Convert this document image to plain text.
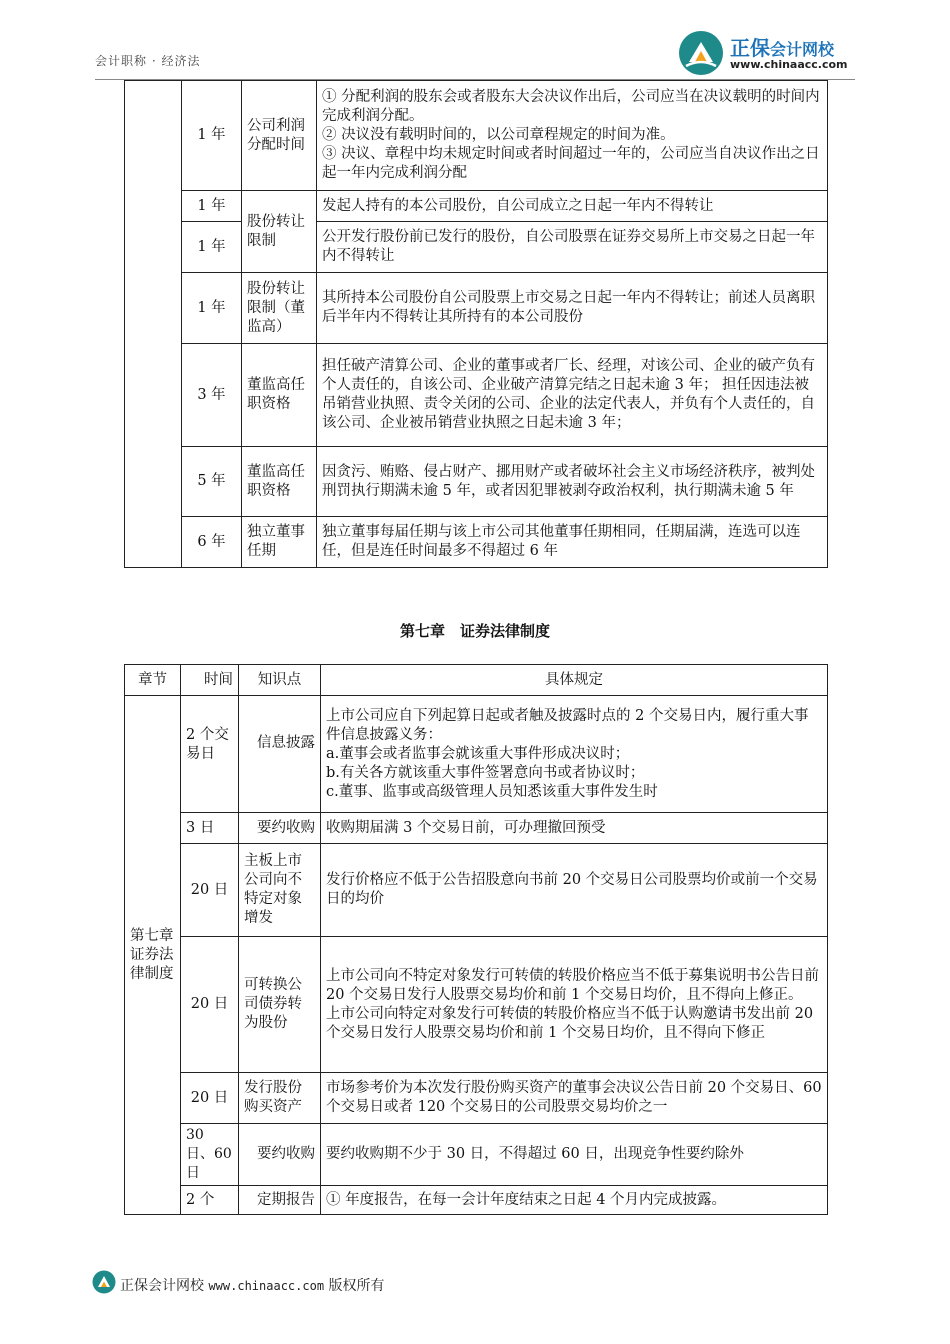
会计职称 · 经济法
正保会计网校
www.chinaacc.com
	1 年	公司利润分配时间	① 分配利润的股东会或者股东大会决议作出后，公司应当在决议载明的时间内完成利润分配。
② 决议没有载明时间的，以公司章程规定的时间为准。
③ 决议、章程中均未规定时间或者时间超过一年的，公司应当自决议作出之日起一年内完成利润分配
	1 年	股份转让限制	发起人持有的本公司股份，自公司成立之日起一年内不得转让
	1 年		公开发行股份前已发行的股份，自公司股票在证券交易所上市交易之日起一年内不得转让
	1 年	股份转让限制（董监高）	其所持本公司股份自公司股票上市交易之日起一年内不得转让；前述人员离职后半年内不得转让其所持有的本公司股份
	3 年	董监高任职资格	担任破产清算公司、企业的董事或者厂长、经理，对该公司、企业的破产负有个人责任的，自该公司、企业破产清算完结之日起未逾 3 年； 担任因违法被吊销营业执照、责令关闭的公司、企业的法定代表人，并负有个人责任的，自该公司、企业被吊销营业执照之日起未逾 3 年；
	5 年	董监高任职资格	因贪污、贿赂、侵占财产、挪用财产或者破坏社会主义市场经济秩序，被判处刑罚执行期满未逾 5 年，或者因犯罪被剥夺政治权利，执行期满未逾 5 年
	6 年	独立董事任期	独立董事每届任期与该上市公司其他董事任期相同，任期届满，连选可以连任，但是连任时间最多不得超过 6 年
第七章　证券法律制度
章节	时间	知识点	具体规定
第七章 证券法律制度	2 个交易日	信息披露	上市公司应自下列起算日起或者触及披露时点的 2 个交易日内，履行重大事件信息披露义务：
a.董事会或者监事会就该重大事件形成决议时；
b.有关各方就该重大事件签署意向书或者协议时；
c.董事、监事或高级管理人员知悉该重大事件发生时
	3 日	要约收购	收购期届满 3 个交易日前，可办理撤回预受
	20 日	主板上市公司向不特定对象增发	发行价格应不低于公告招股意向书前 20 个交易日公司股票均价或前一个交易日的均价
	20 日	可转换公司债券转为股份	上市公司向不特定对象发行可转债的转股价格应当不低于募集说明书公告日前 20 个交易日发行人股票交易均价和前 1 个交易日均价，且不得向上修正。
上市公司向特定对象发行可转债的转股价格应当不低于认购邀请书发出前 20 个交易日发行人股票交易均价和前 1 个交易日均价，且不得向下修正
	20 日	发行股份购买资产	市场参考价为本次发行股份购买资产的董事会决议公告日前 20 个交易日、60 个交易日或者 120 个交易日的公司股票交易均价之一
	30 日、60 日	要约收购	要约收购期不少于 30 日，不得超过 60 日，出现竞争性要约除外
	2 个	定期报告	① 年度报告，在每一会计年度结束之日起 4 个月内完成披露。
正保会计网校 www.chinaacc.com 版权所有
